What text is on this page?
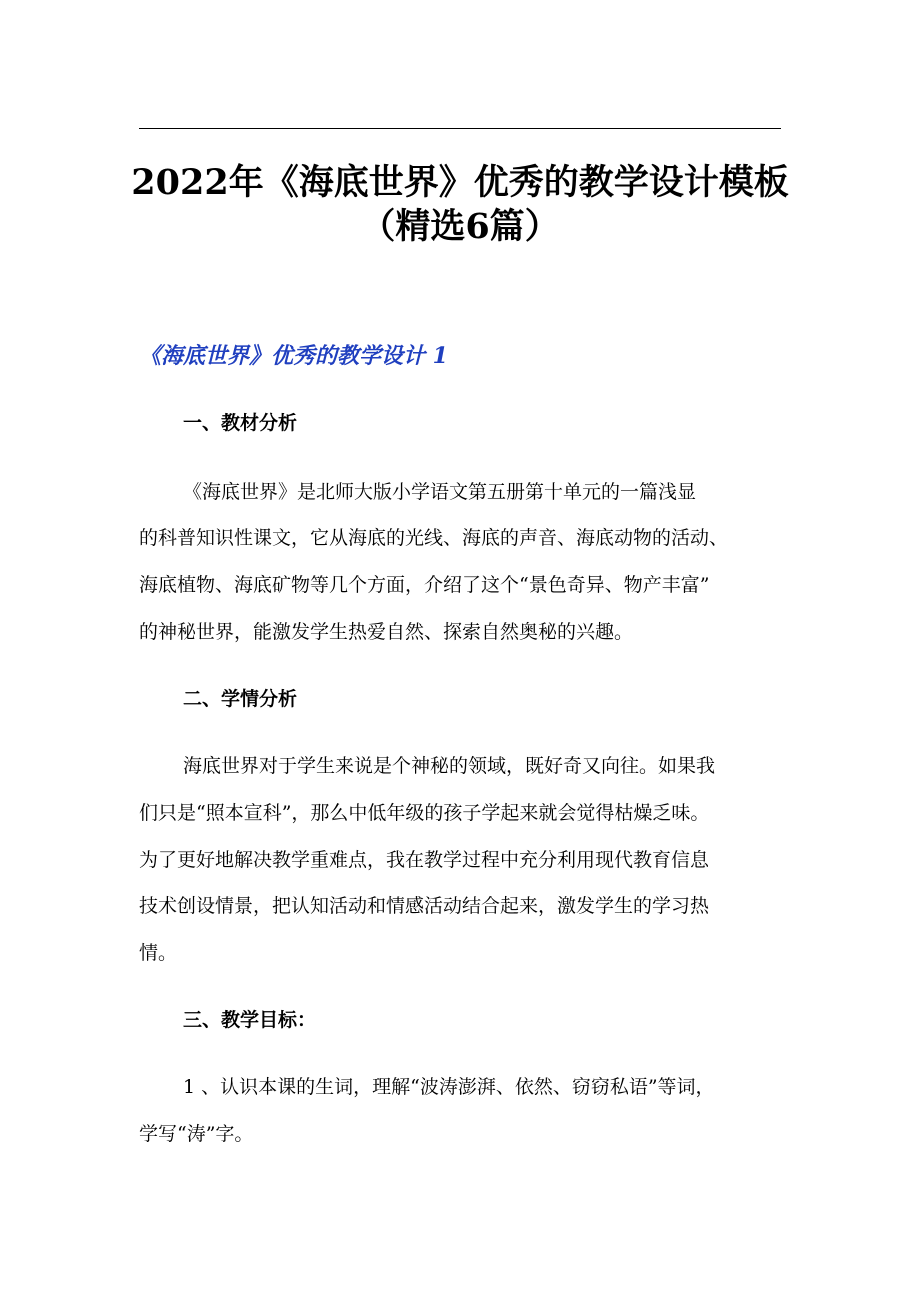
2022年《海底世界》优秀的教学设计模板
（精选6篇）
《海底世界》优秀的教学设计 1
一、教材分析
《海底世界》是北师大版小学语文第五册第十单元的一篇浅显
的科普知识性课文，它从海底的光线、海底的声音、海底动物的活动、
海底植物、海底矿物等几个方面，介绍了这个“景色奇异、物产丰富”
的神秘世界，能激发学生热爱自然、探索自然奥秘的兴趣。
二、学情分析
海底世界对于学生来说是个神秘的领域，既好奇又向往。如果我
们只是“照本宣科”，那么中低年级的孩子学起来就会觉得枯燥乏味。
为了更好地解决教学重难点，我在教学过程中充分利用现代教育信息
技术创设情景，把认知活动和情感活动结合起来，激发学生的学习热
情。
三、教学目标：
1 、认识本课的生词，理解“波涛澎湃、依然、窃窃私语”等词，
学写“涛”字。
